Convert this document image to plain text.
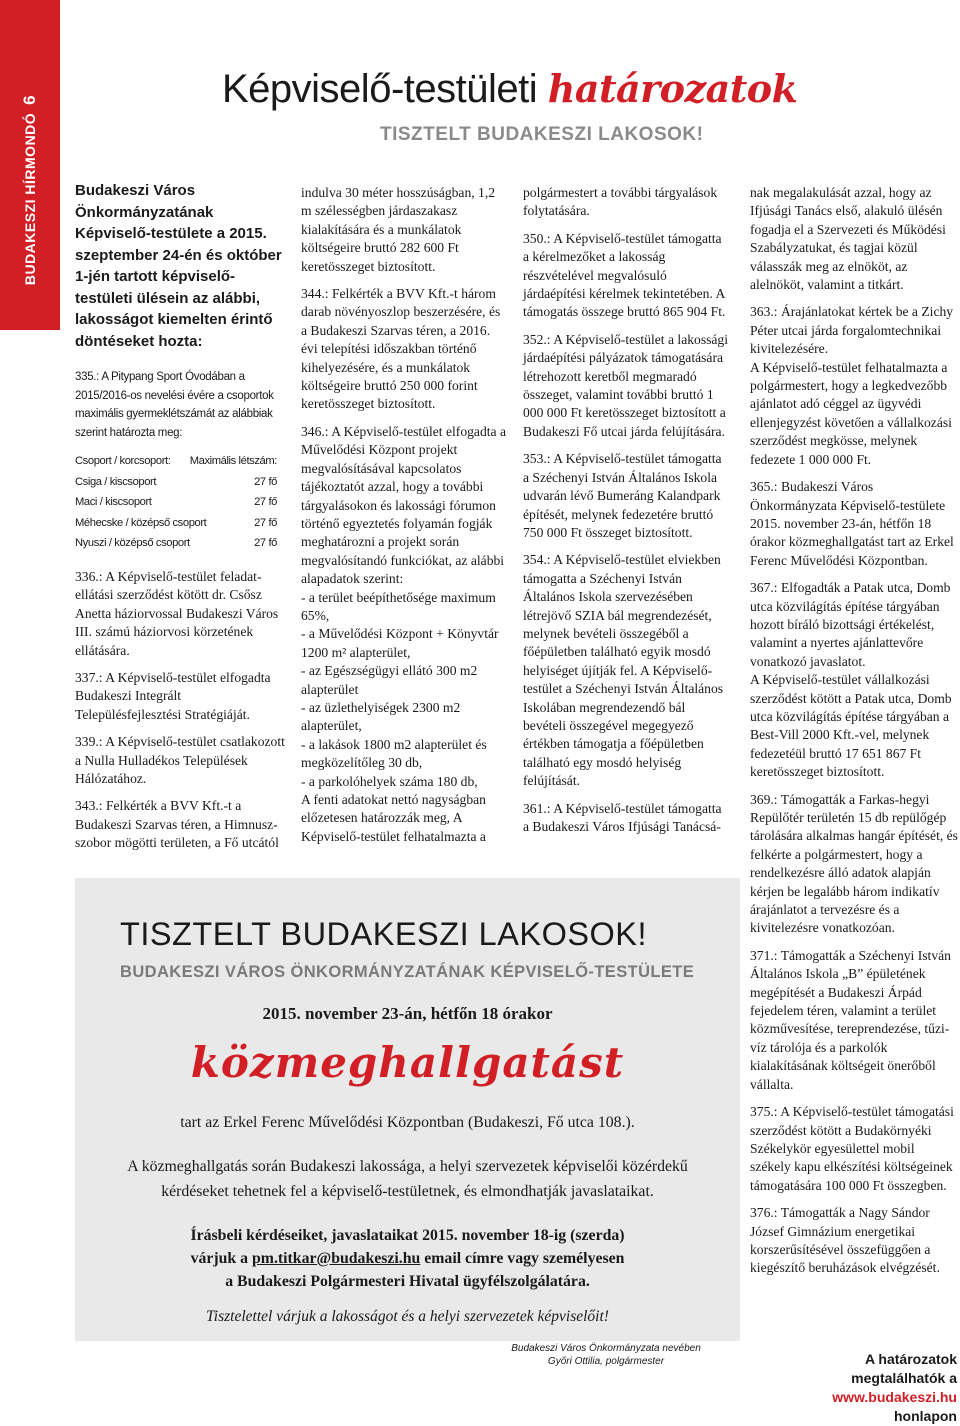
BUDAKESZI HÍRMONDÓ6	Képviselő-testületi határozatok
TISZTELT BUDAKESZI LAKOSOK!

Budakeszi Város Önkormányzatának Képviselő-testülete a 2015. szeptember 24-én és október 1-jén tartott képviselő-testületi ülésein az alábbi, lakosságot kiemelten érintő döntéseket hozta:

335.: A Pitypang Sport Óvodában a 2015/2016-os nevelési évére a csoportok maximális gyermeklétszámát az alábbiak szerint határozta meg:

Csoport / korcsoport: Maximális létszám:
Csiga / kiscsoport	27 fő
Maci / kiscsoport	27 fő
Méhecske / középső csoport	27 fő
Nyuszi / középső csoport	27 fő

336.: A Képviselő-testület feladat-ellátási szerződést kötött dr. Csősz Anetta háziorvossal Budakeszi Város III. számú háziorvosi körzetének ellátására.

337.: A Képviselő-testület elfogadta Budakeszi Integrált Településfejlesztési Stratégiáját.

339.: A Képviselő-testület csatlakozott a Nulla Hulladékos Települések Hálózatához.

343.: Felkérték a BVV Kft.-t a Budakeszi Szarvas téren, a Himnusz-szobor mögötti területen, a Fő utcától

indulva 30 méter hosszúságban, 1,2 m szélességben járdaszakasz kialakítására és a munkálatok költségeire bruttó 282 600 Ft keretösszeget biztosított.

344.: Felkérték a BVV Kft.-t három darab növényoszlop beszerzésére, és a Budakeszi Szarvas téren, a 2016. évi telepítési időszakban történő kihelyezésére, és a munkálatok költségeire bruttó 250 000 forint keretösszeget biztosított.

346.: A Képviselő-testület elfogadta a Művelődési Központ projekt megvalósításával kapcsolatos tájékoztatót azzal, hogy a további tárgyalásokon és lakossági fórumon történő egyeztetés folyamán fogják meghatározni a projekt során megvalósítandó funkciókat, az alábbi alapadatok szerint:

- a terület beépíthetősége maximum 65%,
- a Művelődési Központ + Könyvtár 1200 m² alapterület,
- az Egészségügyi ellátó 300 m2 alapterület
- az üzlethelyiségek 2300 m2 alapterület,
- a lakások 1800 m2 alapterület és megközelítőleg 30 db,
- a parkolóhelyek száma 180 db,

A fenti adatokat nettó nagyságban előzetesen határozzák meg, A Képviselő-testület felhatalmazta a

polgármestert a további tárgyalások folytatására.

350.: A Képviselő-testület támogatta a kérelmezőket a lakosság részvételével megvalósuló járdaépítési kérelmek tekintetében. A támogatás összege bruttó 865 904 Ft.

352.: A Képviselő-testület a lakossági járdaépítési pályázatok támogatására létrehozott keretből megmaradó összeget, valamint további bruttó 1 000 000 Ft keretösszeget biztosított a Budakeszi Fő utcai járda felújítására.

353.: A Képviselő-testület támogatta a Széchenyi István Általános Iskola udvarán lévő Bumeráng Kalandpark építését, melynek fedezetére bruttó 750 000 Ft összeget biztosított.

354.: A Képviselő-testület elviekben támogatta a Széchenyi István Általános Iskola szervezésében létrejövő SZIA bál megrendezését, melynek bevételi összegéből a főépületben található egyik mosdó helyiséget újítják fel. A Képviselő-testület a Széchenyi István Általános Iskolában megrendezendő bál bevételi összegével megegyező értékben támogatja a főépületben található egy mosdó helyiség felújítását.

361.: A Képviselő-testület támogatta a Budakeszi Város Ifjúsági Tanácsá-

nak megalakulását azzal, hogy az Ifjúsági Tanács első, alakuló ülésén fogadja el a Szervezeti és Működési Szabályzatukat, és tagjai közül válasszák meg az elnököt, az alelnököt, valamint a titkárt.

363.: Árajánlatokat kértek be a Zichy Péter utcai járda forgalomtechnikai kivitelezésére.

A Képviselő-testület felhatalmazta a polgármestert, hogy a legkedvezőbb ajánlatot adó céggel az ügyvédi ellenjegyzést követően a vállalkozási szerződést megkösse, melynek fedezete 1 000 000 Ft.

365.: Budakeszi Város Önkormányzata Képviselő-testülete 2015. november 23-án, hétfőn 18 órakor közmeghallgatást tart az Erkel Ferenc Művelődési Központban.

367.: Elfogadták a Patak utca, Domb utca közvilágítás építése tárgyában hozott bíráló bizottsági értékelést, valamint a nyertes ajánlattevőre vonatkozó javaslatot.

A Képviselő-testület vállalkozási szerződést kötött a Patak utca, Domb utca közvilágítás építése tárgyában a Best-Vill 2000 Kft.-vel, melynek fedezetéül bruttó 17 651 867 Ft keretösszeget biztosított.

369.: Támogatták a Farkas-hegyi Repülőtér területén 15 db repülőgép tárolására alkalmas hangár építését, és felkérte a polgármestert, hogy a rendelkezésre álló adatok alapján kérjen be legalább három indikatív árajánlatot a tervezésre és a kivitelezésre vonatkozóan.

371.: Támogatták a Széchenyi István Általános Iskola „B” épületének megépítését a Budakeszi Árpád fejedelem téren, valamint a terület közművesítése, tereprendezése, tűzi-víz tárolója és a parkolók kialakításának költségeit önerőből vállalta.

375.: A Képviselő-testület támogatási szerződést kötött a Budakörnyéki Székelykör egyesülettel mobil székely kapu elkészítési költségeinek támogatására 100 000 Ft összegben.

376.: Támogatták a Nagy Sándor József Gimnázium energetikai korszerűsítésével összefüggően a kiegészítő beruházások elvégzését.

TISZTELT BUDAKESZI LAKOSOK!
BUDAKESZI VÁROS ÖNKORMÁNYZATÁNAK KÉPVISELŐ-TESTÜLETE
2015. november 23-án, hétfőn 18 órakor
közmeghallgatást
tart az Erkel Ferenc Művelődési Központban (Budakeszi, Fő utca 108.).
A közmeghallgatás során Budakeszi lakossága, a helyi szervezetek képviselői közérdekű
kérdéseket tehetnek fel a képviselő-testületnek, és elmondhatják javaslataikat.
Írásbeli kérdéseiket, javaslataikat 2015. november 18-ig (szerda)
várjuk a pm.titkar@budakeszi.hu email címre vagy személyesen
a Budakeszi Polgármesteri Hivatal ügyfélszolgálatára.
Tisztelettel várjuk a lakosságot és a helyi szervezetek képviselőit!
Budakeszi Város Önkormányzata nevében
Győri Ottilia, polgármester	A határozatok megtalálhatók a
www.budakeszi.hu honlapon
